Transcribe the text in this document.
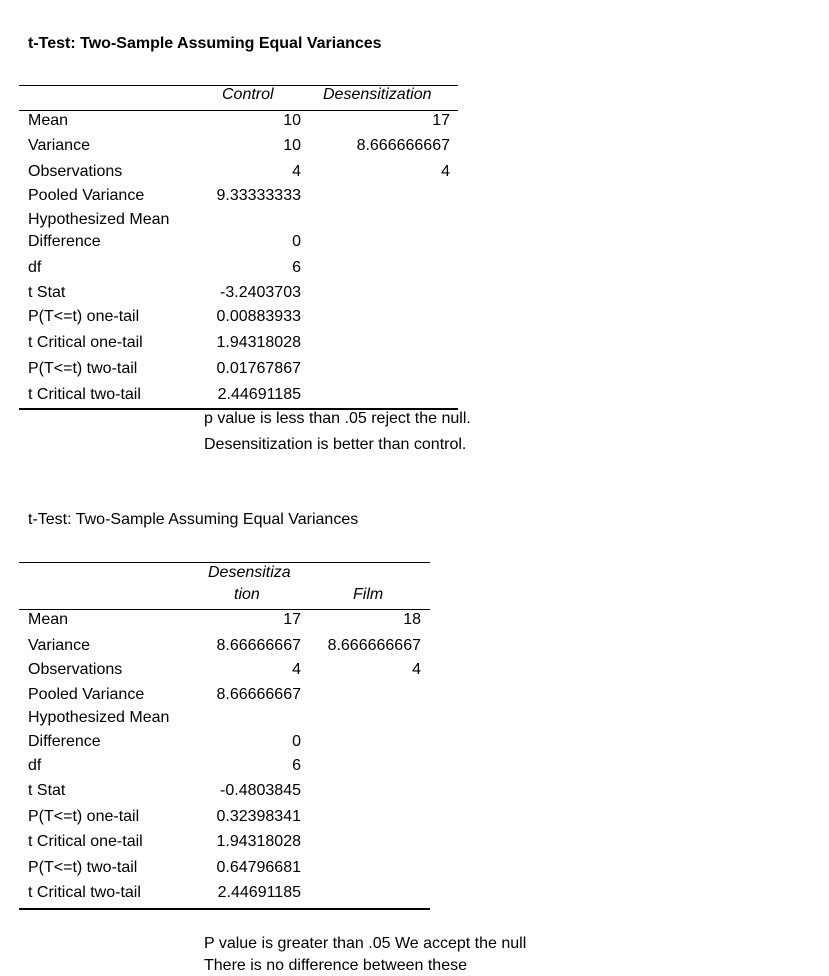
t-Test: Two-Sample Assuming Equal Variances
Control	Desensitization
Mean
Variance
Observations
Pooled Variance
Hypothesized Mean
Difference
df
t Stat
P(T<=t) one-tail
t Critical one-tail
P(T<=t) two-tail
t Critical two-tail
10
10
4
9.33333333
0
6
-3.2403703
0.00883933
1.94318028
0.01767867
2.44691185
17
8.666666667
4
p value is less than .05 reject the null.
Desensitization is better than control.
t-Test: Two-Sample Assuming Equal Variances
Desensitiza
tion	Film
Mean
Variance
Observations
Pooled Variance
Hypothesized Mean
Difference
df
t Stat
P(T<=t) one-tail
t Critical one-tail
P(T<=t) two-tail
t Critical two-tail
17
8.66666667
4
8.66666667
0
6
-0.4803845
0.32398341
1.94318028
0.64796681
2.44691185
18
8.666666667
4
P value is greater than .05 We accept the null
There is no difference between these
